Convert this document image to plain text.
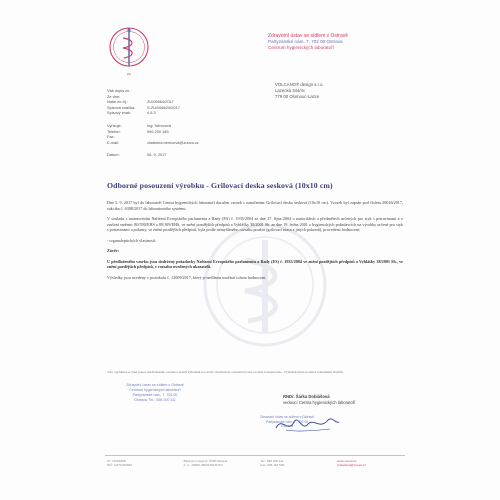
ZU
Zdravotní ústav se sídlem v Ostravě
Partyzánské nám. 7, 702 00 Ostrava
Centrum hygienických laboratoří
VOLCANO® design s.r.o.
Lazecká 344/4c
779 00 Olomouc-Lazce
Váš dopis zn.:
Ze dne:
Naše zn./čj.:	ZU/06664/2017
Spisová značka:	S-ZU/06662/02017
Spisový znak:	4.5.3
Vyřizuje:	Ing. Němcová
Telefon:	596 200 185
Fax:
E-mail:	vladimira.nemcova@zuova.cz
Datum:	06. 9. 2017
Odborné posouzení výrobku - Grilovací deska sesková (10x10 cm)

Dne 5. 9. 2017 byl do laboratoří Centra hygienických laboratoří doručen vzorek s označením: Grilovací deska sesková (10x10 cm). Vzorek byl zapsán pod číslem 20026/2017, sukcika č. 6388/2017 do laboratorního systému.

V souladu s ustanovením Nařízení Evropského parlamentu a Rady (ES) č. 1935/2004 ze dne 27. října 2004 o materiálech a předmětech určených pro styk s potravinami a o zrušení směrnic 80/590/EHS a 89/109/EHS, ve znění pozdějších předpisů a Vyhlášky 38/2001 Sb. ze dne 19. ledna 2001 o hygienických požadavcích na výrobky určené pro styk s potravinami a pokrmy, ve znění pozdějších předpisů, byla podle nemyšleného rozsahu použití (grilovací masa a jiných pokrmů), provedeno hodnocení:

- organoleptických vlastností.

Závěr:

U předloženého vzorku jsou dodrženy požadavky Nařízení Evropského parlamentu a Rady (ES) č. 1935/2004 ve znění pozdějších předpisů a Vyhlášky 38/2001 Sb., ve znění pozdějších předpisů, v rozsahu uvedených ukazatelů.

Výsledky jsou uvedeny v protokolu č. 12009/2017, který je nedílnou součástí tohoto hodnocení.

Toto vyjádření se týká pouze předloženého vzorku a slouží výhradně pro účely objednatele a nesmí být bez svolení zveřejňováno. Výsledek nelze použít k reklamním účelům.
Zdravotní ústav se sídlem v Ostravě
Centrum hygienických laboratoří
Partyzánské nám. 7, 702 00
Ostrava, Tel.: 596 200 111
RNDr. Šárka Dobiášová
vedoucí Centra hygienických laboratoří
Zdravotní ústav se sídlem v Ostravě
Partyzánské nám. 7, 702 00
Ostrava
IČ: 71009396
DIČ: CZ71009396
Bankovní spojení: ČNB Ostrava
č. ú.: 10006-36634761/0710
Tel.: 596 200 111
Fax: 596 118 500
www.zuova.cz
podatelna@zuova.cz
